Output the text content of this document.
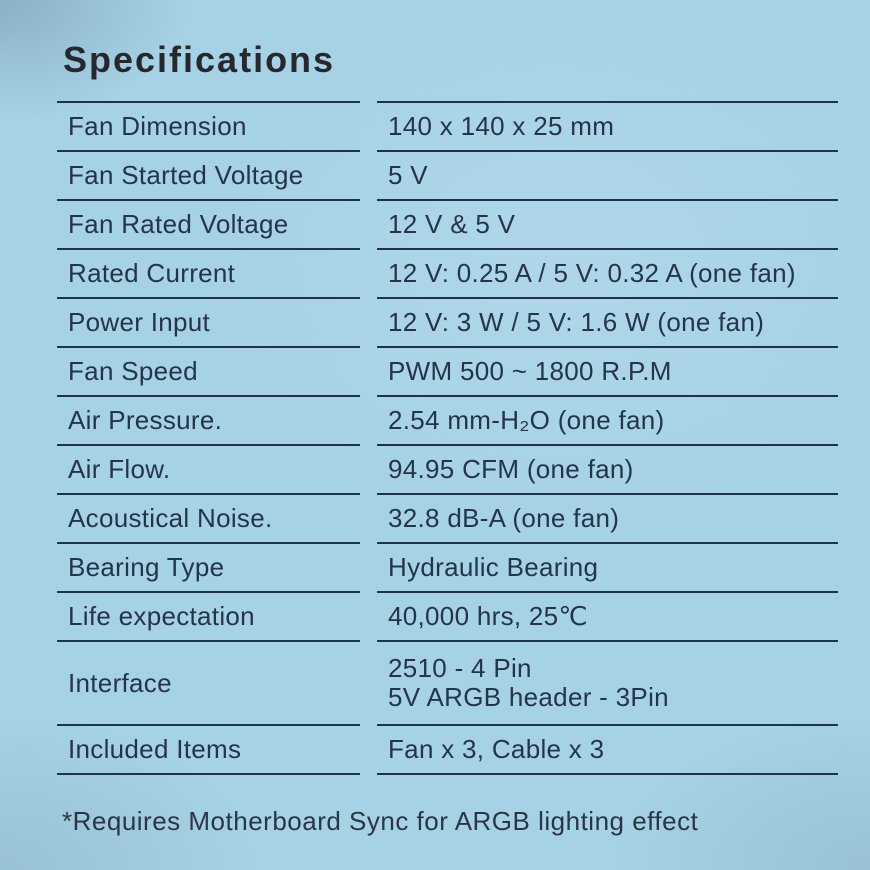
Specifications
Fan Dimension	140 x 140 x 25 mm
Fan Started Voltage	5 V
Fan Rated Voltage	12 V & 5 V
Rated Current	12 V: 0.25 A / 5 V: 0.32 A (one fan)
Power Input	12 V: 3 W / 5 V: 1.6 W (one fan)
Fan Speed	PWM 500 ~ 1800 R.P.M
Air Pressure.	2.54 mm-H₂O (one fan)
Air Flow.	94.95 CFM (one fan)
Acoustical Noise.	32.8 dB-A (one fan)
Bearing Type	Hydraulic Bearing
Life expectation	40,000 hrs, 25℃
Interface	2510 - 4 Pin
5V ARGB header - 3Pin
Included Items	Fan x 3, Cable x 3
*Requires Motherboard Sync for ARGB lighting effect
